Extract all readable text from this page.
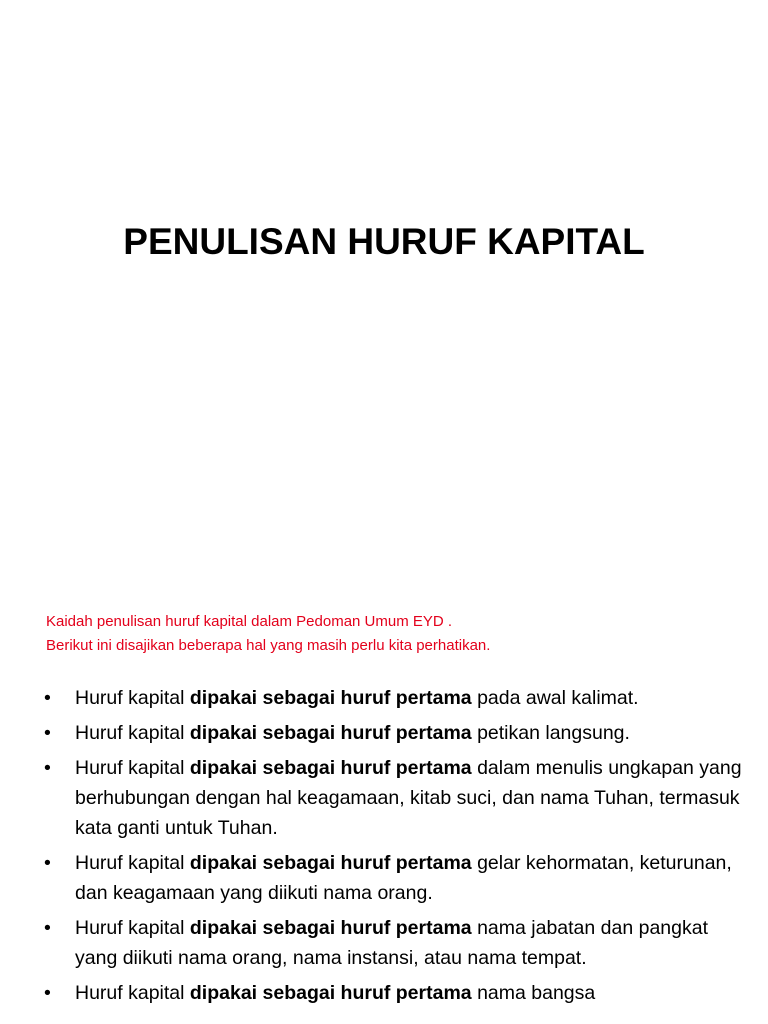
PENULISAN HURUF KAPITAL
Kaidah penulisan huruf kapital dalam Pedoman Umum EYD .
Berikut ini disajikan beberapa hal yang masih perlu kita perhatikan.
• Huruf kapital dipakai sebagai huruf pertama pada awal kalimat.
• Huruf kapital dipakai sebagai huruf pertama petikan langsung.
• Huruf kapital dipakai sebagai huruf pertama dalam menulis ungkapan yang berhubungan dengan hal keagamaan, kitab suci, dan nama Tuhan, termasuk kata ganti untuk Tuhan.
• Huruf kapital dipakai sebagai huruf pertama gelar kehormatan, keturunan, dan keagamaan yang diikuti nama orang.
• Huruf kapital dipakai sebagai huruf pertama nama jabatan dan pangkat yang diikuti nama orang, nama instansi, atau nama tempat.
• Huruf kapital dipakai sebagai huruf pertama nama bangsa
